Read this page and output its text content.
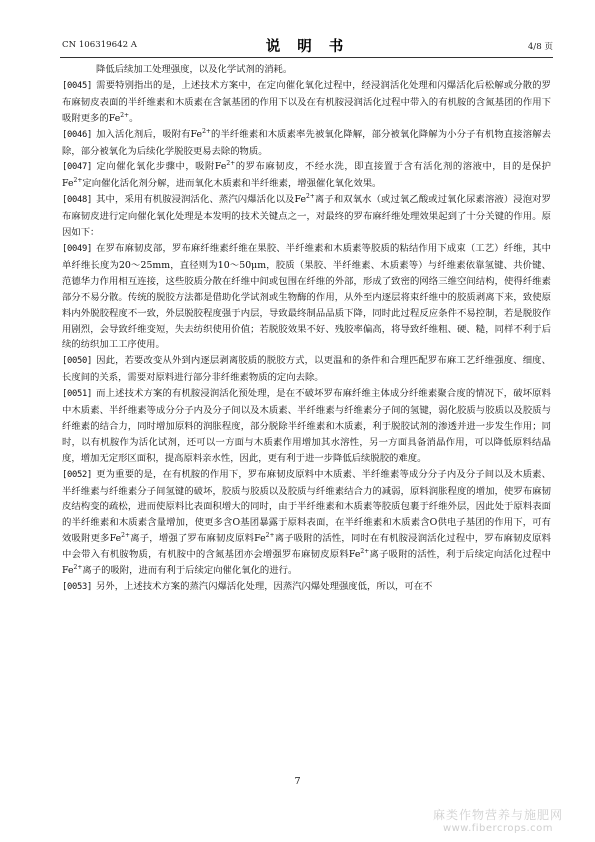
CN 106319642 A	说 明 书	4/8 页

降低后续加工处理强度，以及化学试剂的消耗。

[0045] 需要特别指出的是，上述技术方案中，在定向催化氧化过程中，经浸润活化处理和闪爆活化后松解或分散的罗布麻韧皮表面的半纤维素和木质素在含氯基团的作用下以及在有机胺浸润活化过程中带入的有机胺的含氮基团的作用下吸附更多的$Fe^{2+}$。

[0046] 加入活化剂后，吸附有$Fe^{2+}$的半纤维素和木质素率先被氧化降解，部分被氧化降解为小分子有机物直接溶解去除，部分被氧化为后续化学脱胶更易去除的物质。

[0047] 定向催化氧化步骤中，吸附$Fe^{2+}$的罗布麻韧皮，不经水洗，即直接置于含有活化剂的溶液中，目的是保护$Fe^{2+}$定向催化活化剂分解，进而氧化木质素和半纤维素，增强催化氧化效果。

[0048] 其中，采用有机胺浸润活化、蒸汽闪爆活化以及$Fe^{2+}$离子和双氧水（或过氧乙酸或过氧化尿素溶液）浸泡对罗布麻韧皮进行定向催化氧化处理是本发明的技术关键点之一，对最终的罗布麻纤维处理效果起到了十分关键的作用。原因如下：

[0049] 在罗布麻韧皮部，罗布麻纤维素纤维在果胶、半纤维素和木质素等胶质的粘结作用下成束（工艺）纤维，其中单纤维长度为20～25mm，直径则为10～50μm，胶质（果胶、半纤维素、木质素等）与纤维素依靠氢键、共价键、范德华力作用相互连接，这些胶质分散在纤维中间或包围在纤维的外部，形成了致密的网络三维空间结构，使得纤维素部分不易分散。传统的脱胶方法都是借助化学试剂或生物酶的作用，从外至内逐层将束纤维中的胶质剥离下来，致使原料内外脱胶程度不一致，外层脱胶程度强于内层，导致最终制品品质下降，同时此过程反应条件不易控制，若是脱胶作用剧烈，会导致纤维变短，失去纺织使用价值；若脱胶效果不好、残胶率偏高，将导致纤维粗、硬、糙，同样不利于后续的纺织加工工序使用。

[0050] 因此，若要改变从外到内逐层剥离胶质的脱胶方式，以更温和的条件和合理匹配罗布麻工艺纤维强度、细度、长度间的关系，需要对原料进行部分非纤维素物质的定向去除。

[0051] 而上述技术方案的有机胺浸润活化预处理，是在不破坏罗布麻纤维主体成分纤维素聚合度的情况下，破坏原料中木质素、半纤维素等成分分子内及分子间以及木质素、半纤维素与纤维素分子间的氢键，弱化胶质与胶质以及胶质与纤维素的结合力，同时增加原料的润胀程度，部分脱除半纤维素和木质素，利于脱胶试剂的渗透并进一步发生作用；同时，以有机胺作为活化试剂，还可以一方面与木质素作用增加其水溶性，另一方面具备消晶作用，可以降低原料结晶度，增加无定形区面积，提高原料亲水性，因此，更有利于进一步降低后续脱胶的难度。

[0052] 更为重要的是，在有机胺的作用下，罗布麻韧皮原料中木质素、半纤维素等成分分子内及分子间以及木质素、半纤维素与纤维素分子间氢键的破坏，胶质与胶质以及胶质与纤维素结合力的减弱，原料润胀程度的增加，使罗布麻韧皮结构变的疏松，进而使原料比表面积增大的同时，由于半纤维素和木质素等胶质包裹于纤维外层，因此处于原料表面的半纤维素和木质素含量增加，使更多含O基团暴露于原料表面，在半纤维素和木质素含O供电子基团的作用下，可有效吸附更多$Fe^{2+}$离子，增强了罗布麻韧皮原料$Fe^{2+}$离子吸附的活性，同时在有机胺浸润活化过程中，罗布麻韧皮原料中会带入有机胺物质，有机胺中的含氮基团亦会增强罗布麻韧皮原料$Fe^{2+}$离子吸附的活性，利于后续定向活化过程中$Fe^{2+}$离子的吸附，进而有利于后续定向催化氧化的进行。

[0053] 另外，上述技术方案的蒸汽闪爆活化处理，因蒸汽闪爆处理强度低，所以，可在不

7
麻类作物营养与施肥网
www.fibercrops.com
